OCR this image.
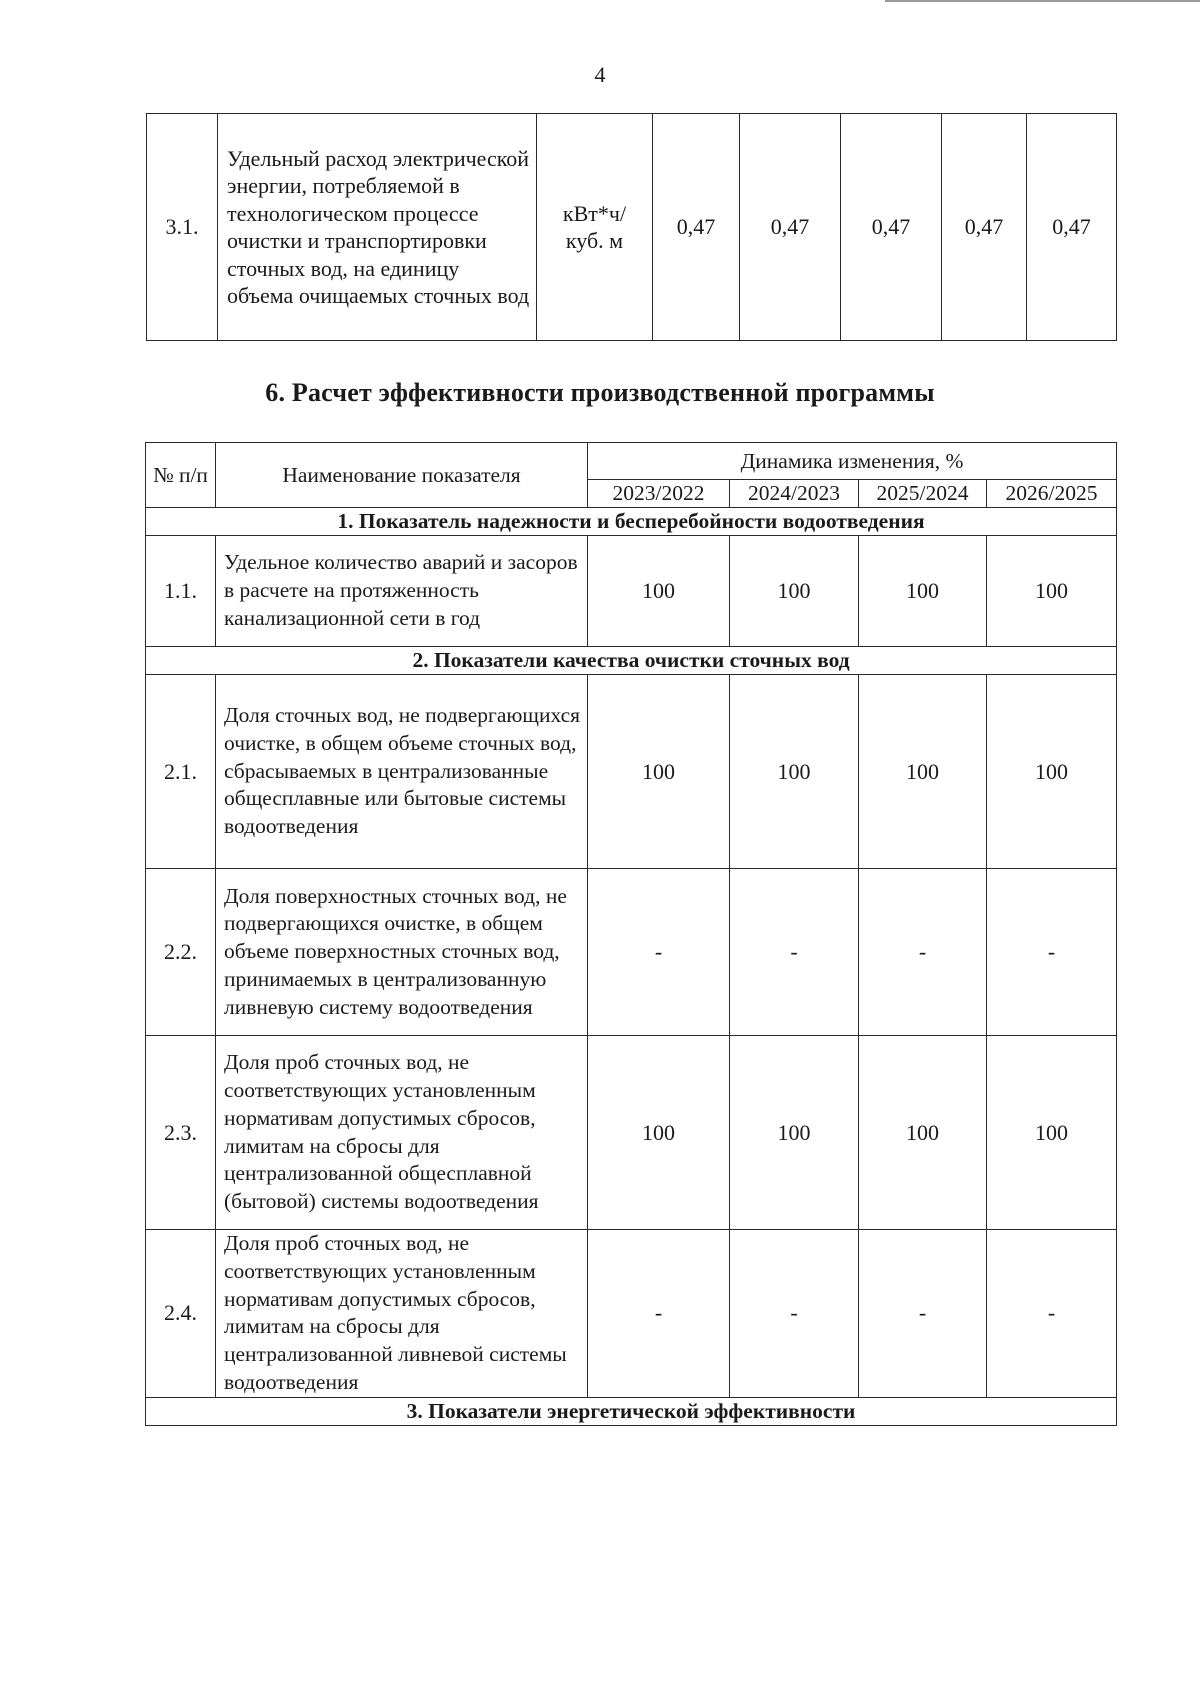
4
3.1.	Удельный расход электрической энергии, потребляемой в технологическом процессе очистки и транспортировки сточных вод, на единицу объема очищаемых сточных вод	кВт*ч/ куб. м	0,47	0,47	0,47	0,47	0,47
6. Расчет эффективности производственной программы
№ п/п	Наименование показателя	Динамика изменения, %			
		2023/2022	2024/2023	2025/2024	2026/2025
1. Показатель надежности и бесперебойности водоотведения					
1.1.	Удельное количество аварий и засоров в расчете на протяженность канализационной сети в год	100	100	100	100
2. Показатели качества очистки сточных вод					
2.1.	Доля сточных вод, не подвергающихся очистке, в общем объеме сточных вод, сбрасываемых в централизованные общесплавные или бытовые системы водоотведения	100	100	100	100
2.2.	Доля поверхностных сточных вод, не подвергающихся очистке, в общем объеме поверхностных сточных вод, принимаемых в централизованную ливневую систему водоотведения	-	-	-	-
2.3.	Доля проб сточных вод, не соответствующих установленным нормативам допустимых сбросов, лимитам на сбросы для централизованной общесплавной (бытовой) системы водоотведения	100	100	100	100
2.4.	Доля проб сточных вод, не соответствующих установленным нормативам допустимых сбросов, лимитам на сбросы для централизованной ливневой системы водоотведения	-	-	-	-
3. Показатели энергетической эффективности					
